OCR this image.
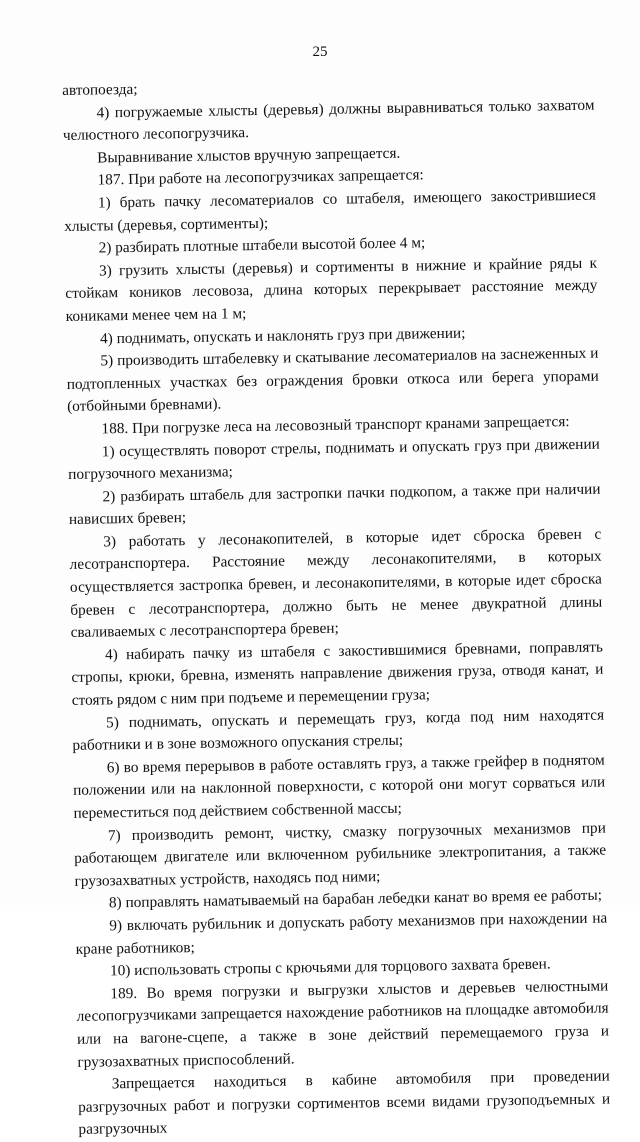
25

автопоезда;

4) погружаемые хлысты (деревья) должны выравниваться только захватом челюстного лесопогрузчика.

Выравнивание хлыстов вручную запрещается.

187. При работе на лесопогрузчиках запрещается:

1) брать пачку лесоматериалов со штабеля, имеющего закострившиеся хлысты (деревья, сортименты);

2) разбирать плотные штабели высотой более 4 м;

3) грузить хлысты (деревья) и сортименты в нижние и крайние ряды к стойкам коников лесовоза, длина которых перекрывает расстояние между кониками менее чем на 1 м;

4) поднимать, опускать и наклонять груз при движении;

5) производить штабелевку и скатывание лесоматериалов на заснеженных и подтопленных участках без ограждения бровки откоса или берега упорами (отбойными бревнами).

188. При погрузке леса на лесовозный транспорт кранами запрещается:

1) осуществлять поворот стрелы, поднимать и опускать груз при движении погрузочного механизма;

2) разбирать штабель для застропки пачки подкопом, а также при наличии нависших бревен;

3) работать у лесонакопителей, в которые идет сброска бревен с лесотранспортера. Расстояние между лесонакопителями, в которых осуществляется застропка бревен, и лесонакопителями, в которые идет сброска бревен с лесотранспортера, должно быть не менее двукратной длины сваливаемых с лесотранспортера бревен;

4) набирать пачку из штабеля с закостившимися бревнами, поправлять стропы, крюки, бревна, изменять направление движения груза, отводя канат, и стоять рядом с ним при подъеме и перемещении груза;

5) поднимать, опускать и перемещать груз, когда под ним находятся работники и в зоне возможного опускания стрелы;

6) во время перерывов в работе оставлять груз, а также грейфер в поднятом положении или на наклонной поверхности, с которой они могут сорваться или переместиться под действием собственной массы;

7) производить ремонт, чистку, смазку погрузочных механизмов при работающем двигателе или включенном рубильнике электропитания, а также грузозахватных устройств, находясь под ними;

8) поправлять наматываемый на барабан лебедки канат во время ее работы;

9) включать рубильник и допускать работу механизмов при нахождении на кране работников;

10) использовать стропы с крючьями для торцового захвата бревен.

189. Во время погрузки и выгрузки хлыстов и деревьев челюстными лесопогрузчиками запрещается нахождение работников на площадке автомобиля или на вагоне-сцепе, а также в зоне действий перемещаемого груза и грузозахватных приспособлений.

Запрещается находиться в кабине автомобиля при проведении разгрузочных работ и погрузки сортиментов всеми видами грузоподъемных и разгрузочных
